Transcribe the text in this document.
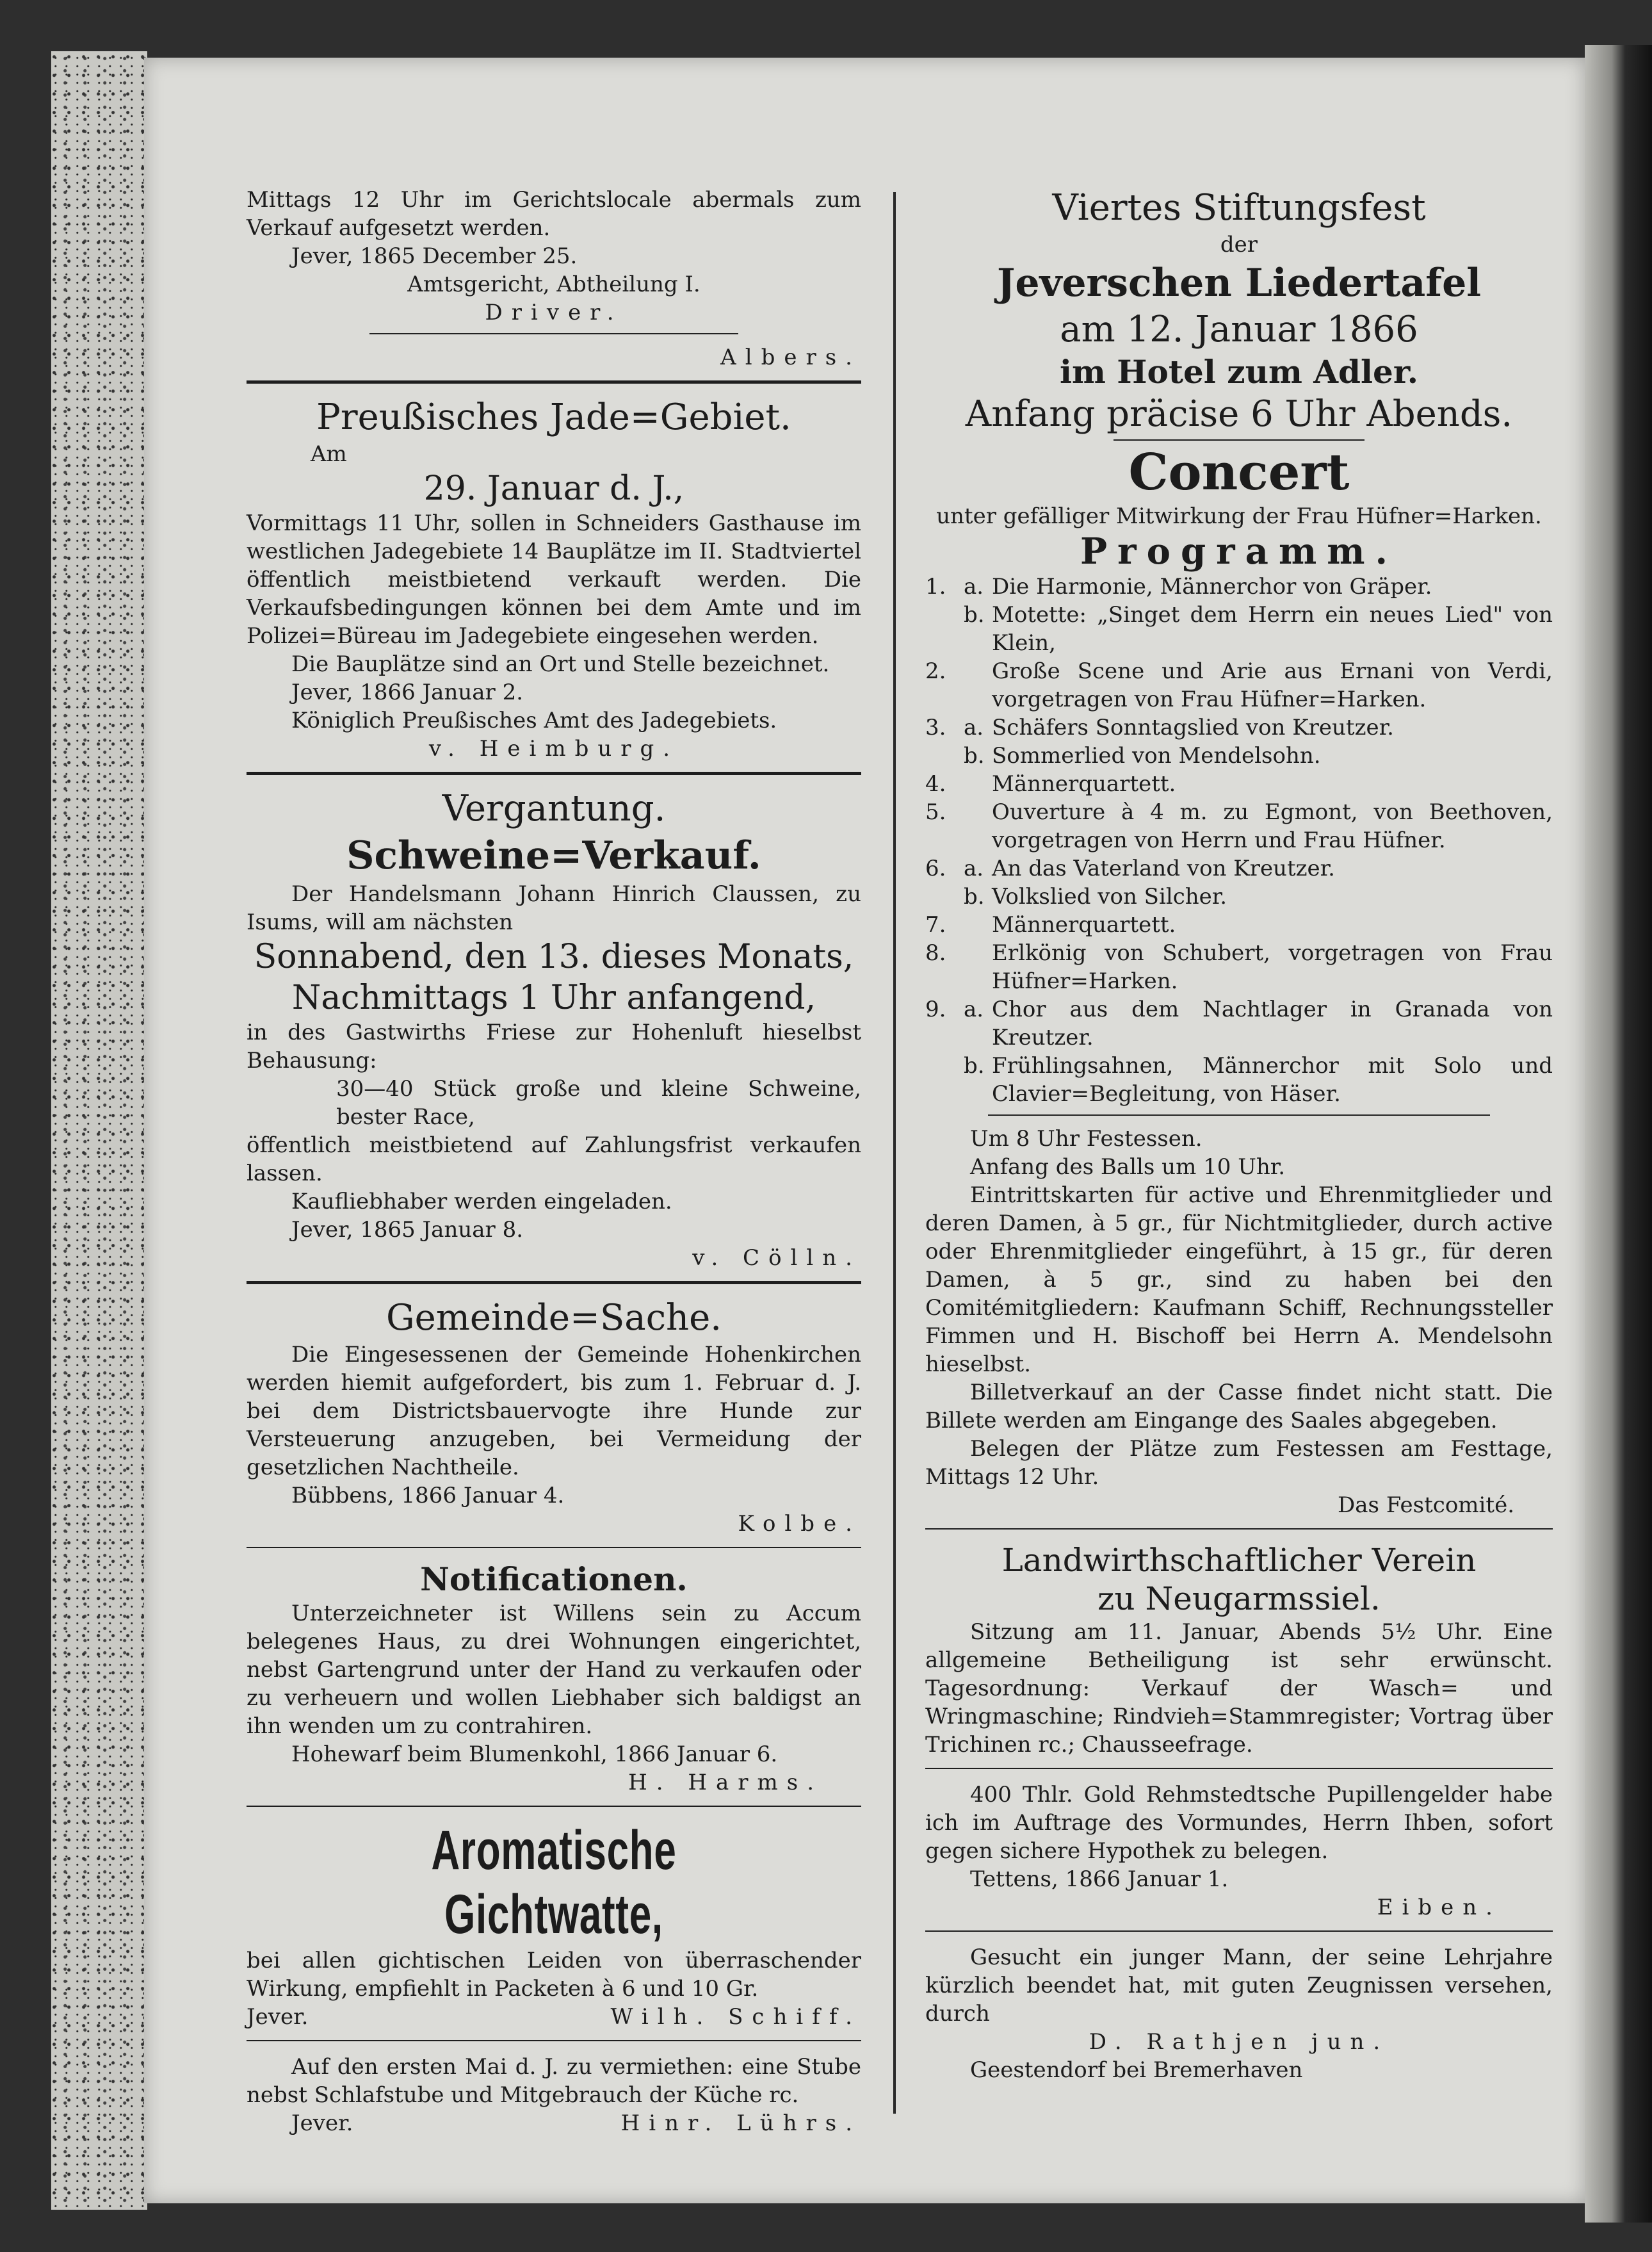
Mittags 12 Uhr im Gerichtslocale abermals zum Verkauf aufgesetzt werden.

Jever, 1865 December 25.

Amtsgericht, Abtheilung I.

Driver.

Albers.

Preußisches Jade=Gebiet.

Am

29. Januar d. J.,

Vormittags 11 Uhr, sollen in Schneiders Gasthause im westlichen Jadegebiete 14 Bauplätze im II. Stadtviertel öffentlich meistbietend verkauft werden. Die Verkaufsbedingungen können bei dem Amte und im Polizei=Büreau im Jadegebiete eingesehen werden.

Die Bauplätze sind an Ort und Stelle bezeichnet.

Jever, 1866 Januar 2.

Königlich Preußisches Amt des Jadegebiets.

v. Heimburg.

Vergantung.

Schweine=Verkauf.

Der Handelsmann Johann Hinrich Claussen, zu Isums, will am nächsten

Sonnabend, den 13. dieses Monats,

Nachmittags 1 Uhr anfangend,

in des Gastwirths Friese zur Hohenluft hieselbst Behausung:

30—40 Stück große und kleine Schweine, bester Race,

öffentlich meistbietend auf Zahlungsfrist verkaufen lassen.

Kaufliebhaber werden eingeladen.

Jever, 1865 Januar 8.

v. Cölln.

Gemeinde=Sache.

Die Eingesessenen der Gemeinde Hohenkirchen werden hiemit aufgefordert, bis zum 1. Februar d. J. bei dem Districtsbauervogte ihre Hunde zur Versteuerung anzugeben, bei Vermeidung der gesetzlichen Nachtheile.

Bübbens, 1866 Januar 4.

Kolbe.

Notificationen.

Unterzeichneter ist Willens sein zu Accum belegenes Haus, zu drei Wohnungen eingerichtet, nebst Gartengrund unter der Hand zu verkaufen oder zu verheuern und wollen Liebhaber sich baldigst an ihn wenden um zu contrahiren.

Hohewarf beim Blumenkohl, 1866 Januar 6.

H. Harms.

Aromatische Gichtwatte,

bei allen gichtischen Leiden von überraschender Wirkung, empfiehlt in Packeten à 6 und 10 Gr.

Jever.	Wilh. Schiff.

Auf den ersten Mai d. J. zu vermiethen: eine Stube nebst Schlafstube und Mitgebrauch der Küche rc.

Jever.	Hinr. Lührs.

Viertes Stiftungsfest

der

Jeverschen Liedertafel

am 12. Januar 1866

im Hotel zum Adler.

Anfang präcise 6 Uhr Abends.

Concert

unter gefälliger Mitwirkung der Frau Hüfner=Harken.

Programm.

1. a. Die Harmonie, Männerchor von Gräper.
b. Motette: „Singet dem Herrn ein neues Lied" von Klein,
2.	Große Scene und Arie aus Ernani von Verdi, vorgetragen von Frau Hüfner=Harken.
3. a. Schäfers Sonntagslied von Kreutzer.
b. Sommerlied von Mendelsohn.
4.	Männerquartett.
5.	Ouverture à 4 m. zu Egmont, von Beethoven, vorgetragen von Herrn und Frau Hüfner.
6. a. An das Vaterland von Kreutzer.
b. Volkslied von Silcher.
7.	Männerquartett.
8.	Erlkönig von Schubert, vorgetragen von Frau Hüfner=Harken.
9. a. Chor aus dem Nachtlager in Granada von Kreutzer.
b. Frühlingsahnen, Männerchor mit Solo und Clavier=Begleitung, von Häser.

Um 8 Uhr Festessen.

Anfang des Balls um 10 Uhr.

Eintrittskarten für active und Ehrenmitglieder und deren Damen, à 5 gr., für Nichtmitglieder, durch active oder Ehrenmitglieder eingeführt, à 15 gr., für deren Damen, à 5 gr., sind zu haben bei den Comitémitgliedern: Kaufmann Schiff, Rechnungssteller Fimmen und H. Bischoff bei Herrn A. Mendelsohn hieselbst.

Billetverkauf an der Casse findet nicht statt. Die Billete werden am Eingange des Saales abgegeben.

Belegen der Plätze zum Festessen am Festtage, Mittags 12 Uhr.

Das Festcomité.

Landwirthschaftlicher Verein

zu Neugarmssiel.

Sitzung am 11. Januar, Abends 5½ Uhr. Eine allgemeine Betheiligung ist sehr erwünscht. Tagesordnung: Verkauf der Wasch= und Wringmaschine; Rindvieh=Stammregister; Vortrag über Trichinen rc.; Chausseefrage.

400 Thlr. Gold Rehmstedtsche Pupillengelder habe ich im Auftrage des Vormundes, Herrn Ihben, sofort gegen sichere Hypothek zu belegen.

Tettens, 1866 Januar 1.

Eiben.

Gesucht ein junger Mann, der seine Lehrjahre kürzlich beendet hat, mit guten Zeugnissen versehen, durch

D. Rathjen jun.

Geestendorf bei Bremerhaven
